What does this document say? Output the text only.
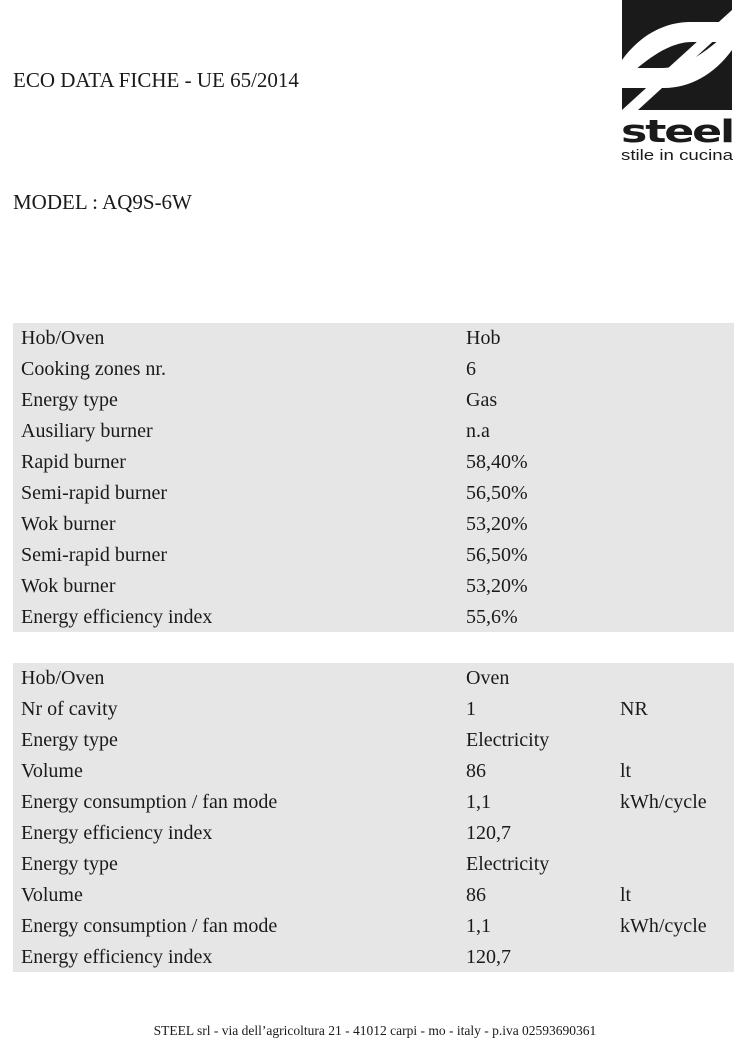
ECO DATA FICHE - UE 65/2014
MODEL : AQ9S-6W
steel
stile in cucina
Hob/Oven	Hob
Cooking zones nr.	6
Energy type	Gas
Ausiliary burner	n.a
Rapid burner	58,40%
Semi-rapid burner	56,50%
Wok burner	53,20%
Semi-rapid burner	56,50%
Wok burner	53,20%
Energy efficiency index	55,6%
Hob/Oven	Oven
Nr of cavity	1	NR
Energy type	Electricity
Volume	86	lt
Energy consumption / fan mode	1,1	kWh/cycle
Energy efficiency index	120,7
Energy type	Electricity
Volume	86	lt
Energy consumption / fan mode	1,1	kWh/cycle
Energy efficiency index	120,7
STEEL srl - via dell’agricoltura 21 - 41012 carpi - mo - italy - p.iva 02593690361
